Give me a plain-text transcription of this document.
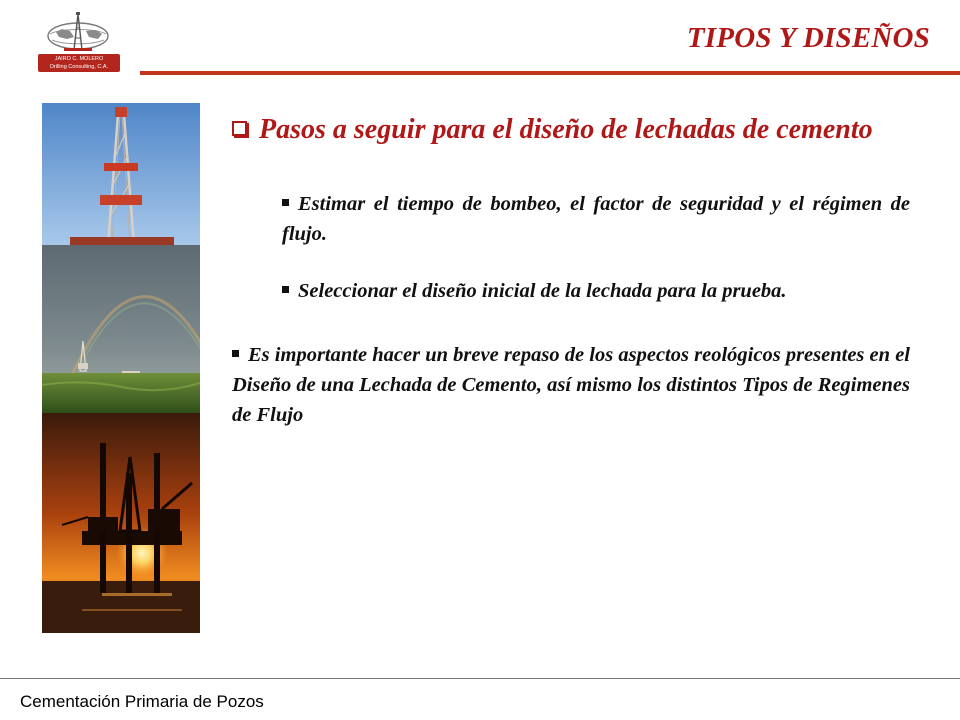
JAIRO C. MOLERO
Drilling Consulting, C.A.
TIPOS Y DISEÑOS

Pasos a seguir para el diseño de lechadas de cemento

Estimar el tiempo de bombeo, el factor de seguridad y el régimen de flujo.

Seleccionar el diseño inicial de la lechada para la prueba.

Es importante hacer un breve repaso de los aspectos reológicos presentes en el Diseño de una Lechada de Cemento, así mismo los distintos Tipos de Regimenes de Flujo

Cementación Primaria de Pozos
